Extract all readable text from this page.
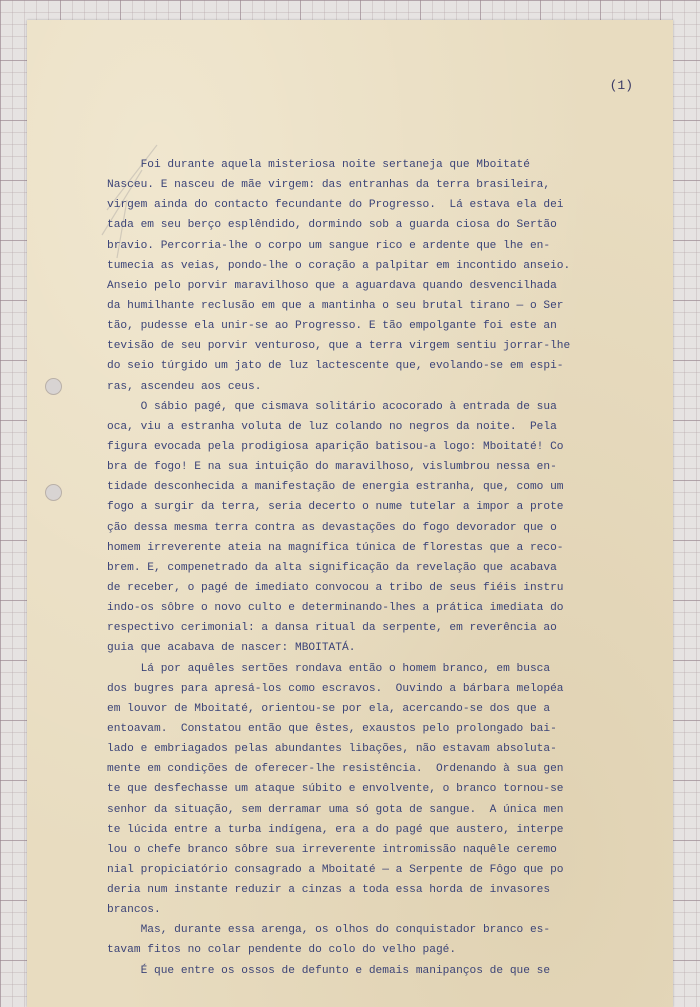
(1)
Foi durante aquela misteriosa noite sertaneja que Mboitaté
Nasceu. E nasceu de mãe virgem: das entranhas da terra brasileira,
virgem ainda do contacto fecundante do Progresso.  Lá estava ela dei
tada em seu berço esplêndido, dormindo sob a guarda ciosa do Sertão
bravio. Percorria-lhe o corpo um sangue rico e ardente que lhe en-
tumecia as veias, pondo-lhe o coração a palpitar em incontido anseio.
Anseio pelo porvir maravilhoso que a aguardava quando desvencilhada
da humilhante reclusão em que a mantinha o seu brutal tirano — o Ser
tão, pudesse ela unir-se ao Progresso. E tão empolgante foi este an
tevisão de seu porvir venturoso, que a terra virgem sentiu jorrar-lhe
do seio túrgido um jato de luz lactescente que, evolando-se em espi-
ras, ascendeu aos ceus.
O sábio pagé, que cismava solitário acocorado à entrada de sua
oca, viu a estranha voluta de luz colando no negros da noite.  Pela
figura evocada pela prodigiosa aparição batisou-a logo: Mboitaté! Co
bra de fogo! E na sua intuição do maravilhoso, vislumbrou nessa en-
tidade desconhecida a manifestação de energia estranha, que, como um
fogo a surgir da terra, seria decerto o nume tutelar a impor a prote
ção dessa mesma terra contra as devastações do fogo devorador que o
homem irreverente ateia na magnífica túnica de florestas que a reco-
brem. E, compenetrado da alta significação da revelação que acabava
de receber, o pagé de imediato convocou a tribo de seus fiéis instru
indo-os sôbre o novo culto e determinando-lhes a prática imediata do
respectivo cerimonial: a dansa ritual da serpente, em reverência ao
guia que acabava de nascer: MBOITATÁ.
Lá por aquêles sertões rondava então o homem branco, em busca
dos bugres para apresá-los como escravos.  Ouvindo a bárbara melopéa
em louvor de Mboitaté, orientou-se por ela, acercando-se dos que a
entoavam.  Constatou então que êstes, exaustos pelo prolongado bai-
lado e embriagados pelas abundantes libações, não estavam absoluta-
mente em condições de oferecer-lhe resistência.  Ordenando à sua gen
te que desfechasse um ataque súbito e envolvente, o branco tornou-se
senhor da situação, sem derramar uma só gota de sangue.  A única men
te lúcida entre a turba indígena, era a do pagé que austero, interpe
lou o chefe branco sôbre sua irreverente intromissão naquêle ceremo
nial propiciatório consagrado a Mboitaté — a Serpente de Fôgo que po
deria num instante reduzir a cinzas a toda essa horda de invasores
brancos.
Mas, durante essa arenga, os olhos do conquistador branco es-
tavam fitos no colar pendente do colo do velho pagé.
É que entre os ossos de defunto e demais manipanços de que se
